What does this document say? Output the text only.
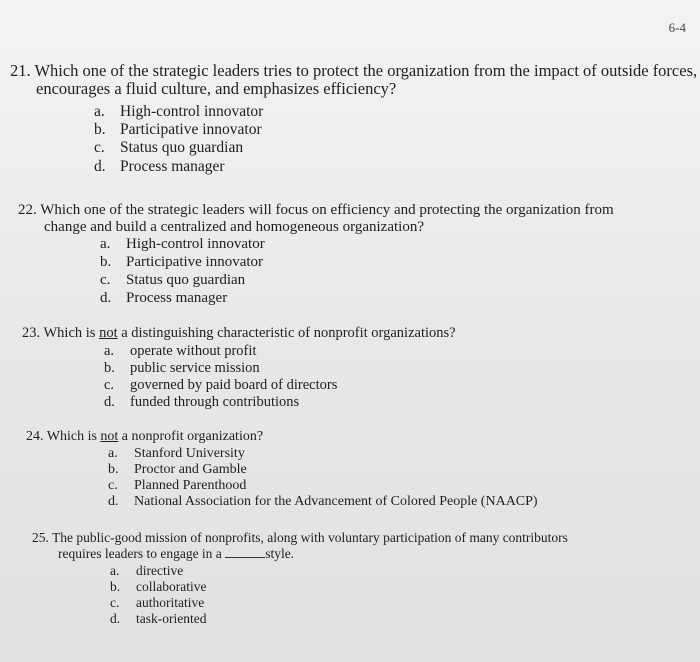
6-4
21. Which one of the strategic leaders tries to protect the organization from the impact of outside forces,
encourages a fluid culture, and emphasizes efficiency?
a. High-control innovator
b. Participative innovator
c. Status quo guardian
d. Process manager
22. Which one of the strategic leaders will focus on efficiency and protecting the organization from
change and build a centralized and homogeneous organization?
a. High-control innovator
b. Participative innovator
c. Status quo guardian
d. Process manager
23. Which is not a distinguishing characteristic of nonprofit organizations?
a. operate without profit
b. public service mission
c. governed by paid board of directors
d. funded through contributions
24. Which is not a nonprofit organization?
a. Stanford University
b. Proctor and Gamble
c. Planned Parenthood
d. National Association for the Advancement of Colored People (NAACP)
25. The public-good mission of nonprofits, along with voluntary participation of many contributors
requires leaders to engage in a	style.
a. directive
b. collaborative
c. authoritative
d. task-oriented
